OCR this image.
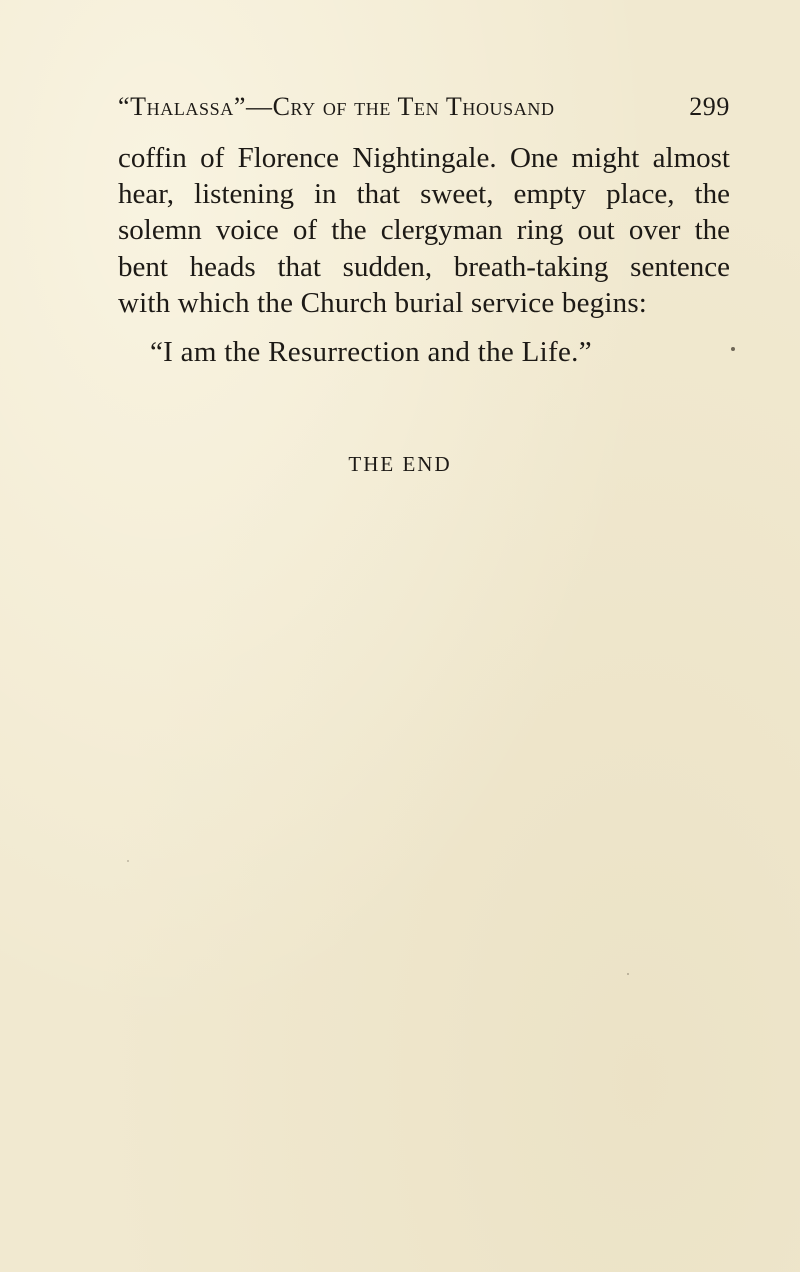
“Thalassa”—Cry of the Ten Thousand	299

coffin of Florence Nightingale. One might almost
hear, listening in that sweet, empty place, the
solemn voice of the clergyman ring out over the
bent heads that sudden, breath-taking sentence
with which the Church burial service begins:

“I am the Resurrection and the Life.”

THE END
